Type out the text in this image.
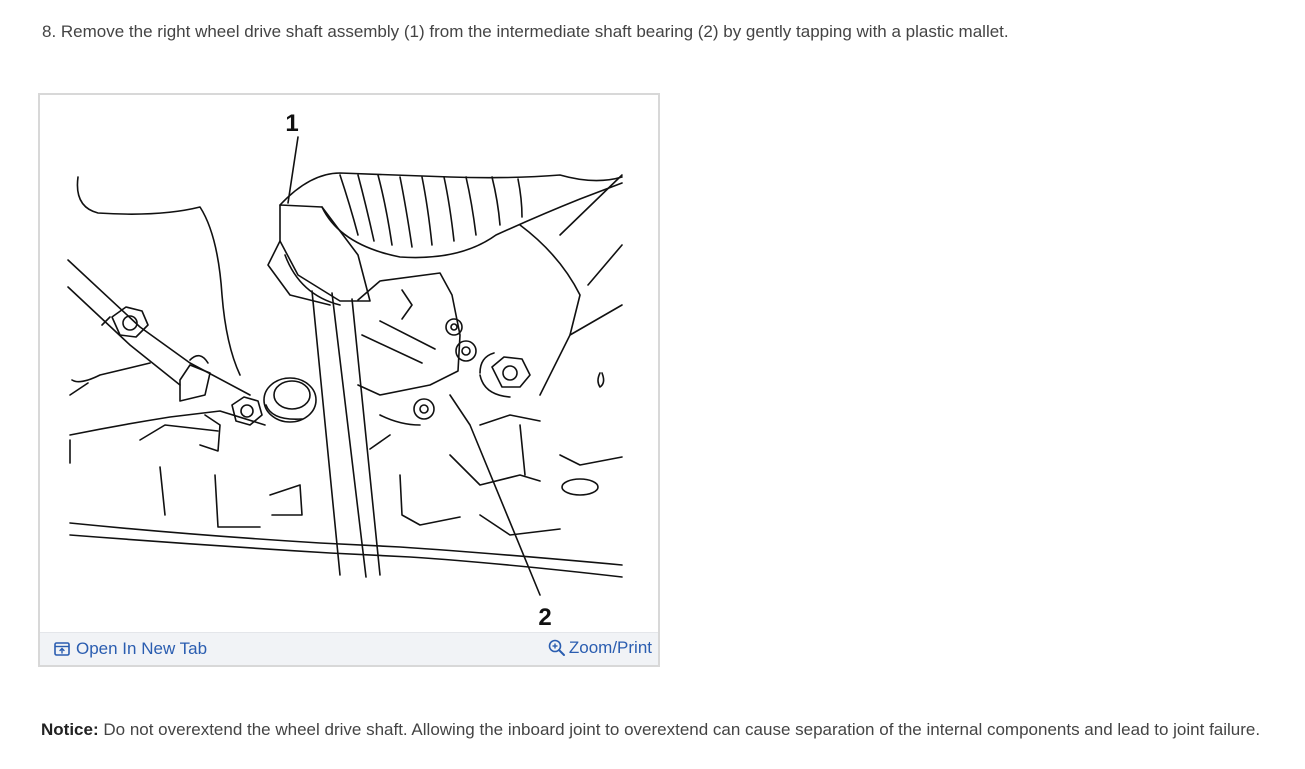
8. Remove the right wheel drive shaft assembly (1) from the intermediate shaft bearing (2) by gently tapping with a plastic mallet.
1
2
Open In New Tab	Zoom/Print
Notice: Do not overextend the wheel drive shaft. Allowing the inboard joint to overextend can cause separation of the internal components and lead to joint failure.
